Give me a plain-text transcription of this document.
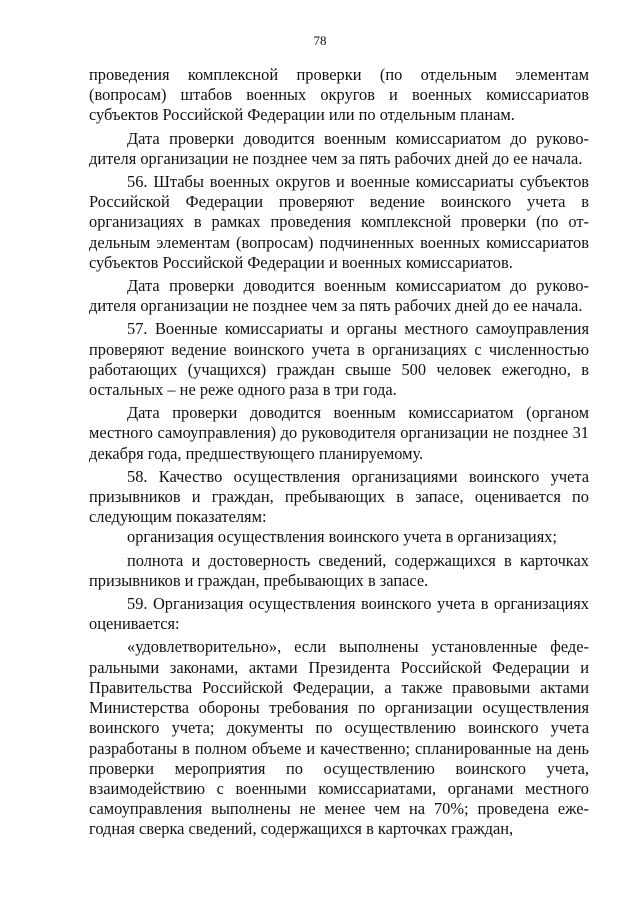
78

проведения комплексной проверки (по отдельным элементам (вопросам) штабов военных округов и военных комиссариатов субъектов Российской Федерации или по отдельным планам.

Дата проверки доводится военным комиссариатом до руководителя организации не позднее чем за пять рабочих дней до ее начала.

56. Штабы военных округов и военные комиссариаты субъектов Российской Федерации проверяют ведение воинского учета в организациях в рамках проведения комплексной проверки (по отдельным элементам (вопросам) подчиненных военных комиссариатов субъектов Российской Федерации и военных комиссариатов.

Дата проверки доводится военным комиссариатом до руководителя организации не позднее чем за пять рабочих дней до ее начала.

57. Военные комиссариаты и органы местного самоуправления проверяют ведение воинского учета в организациях с численностью работающих (учащихся) граждан свыше 500 человек ежегодно, в остальных – не реже одного раза в три года.

Дата проверки доводится военным комиссариатом (органом местного самоуправления) до руководителя организации не позднее 31 декабря года, предшествующего планируемому.

58. Качество осуществления организациями воинского учета призывников и граждан, пребывающих в запасе, оценивается по следующим показателям:

организация осуществления воинского учета в организациях;

полнота и достоверность сведений, содержащихся в карточках призывников и граждан, пребывающих в запасе.

59. Организация осуществления воинского учета в организациях оценивается:

«удовлетворительно», если выполнены установленные федеральными законами, актами Президента Российской Федерации и Правительства Российской Федерации, а также правовыми актами Министерства обороны требования по организации осуществления воинского учета; документы по осуществлению воинского учета разработаны в полном объеме и качественно; спланированные на день проверки мероприятия по осуществлению воинского учета, взаимодействию с военными комиссариатами, органами местного самоуправления выполнены не менее чем на 70%; проведена ежегодная сверка сведений, содержащихся в карточках граждан,
